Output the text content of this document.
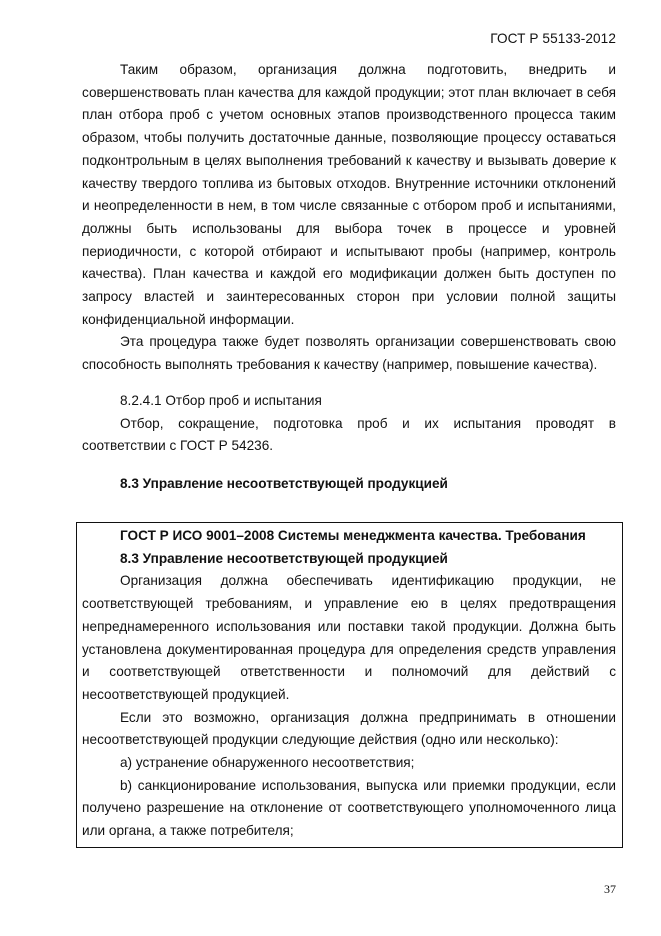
ГОСТ Р 55133-2012

Таким образом, организация должна подготовить, внедрить и совершенствовать план качества для каждой продукции; этот план включает в себя план отбора проб с учетом основных этапов производственного процесса таким образом, чтобы получить достаточные данные, позволяющие процессу оставаться подконтрольным в целях выполнения требований к качеству и вызывать доверие к качеству твердого топлива из бытовых отходов. Внутренние источники отклонений и неопределенности в нем, в том числе связанные с отбором проб и испытаниями, должны быть использованы для выбора точек в процессе и уровней периодичности, с которой отбирают и испытывают пробы (например, контроль качества). План качества и каждой его модификации должен быть доступен по запросу властей и заинтересованных сторон при условии полной защиты конфиденциальной информации.

Эта процедура также будет позволять организации совершенствовать свою способность выполнять требования к качеству (например, повышение качества).

8.2.4.1 Отбор проб и испытания

Отбор, сокращение, подготовка проб и их испытания проводят в соответствии с ГОСТ Р 54236.

8.3 Управление несоответствующей продукцией

ГОСТ Р ИСО 9001–2008 Системы менеджмента качества. Требования

8.3 Управление несоответствующей продукцией

Организация должна обеспечивать идентификацию продукции, не соответствующей требованиям, и управление ею в целях предотвращения непреднамеренного использования или поставки такой продукции. Должна быть установлена документированная процедура для определения средств управления и соответствующей ответственности и полномочий для действий с несоответствующей продукцией.

Если это возможно, организация должна предпринимать в отношении несоответствующей продукции следующие действия (одно или несколько):

a) устранение обнаруженного несоответствия;

b) санкционирование использования, выпуска или приемки продукции, если получено разрешение на отклонение от соответствующего уполномоченного лица или органа, а также потребителя;

37
